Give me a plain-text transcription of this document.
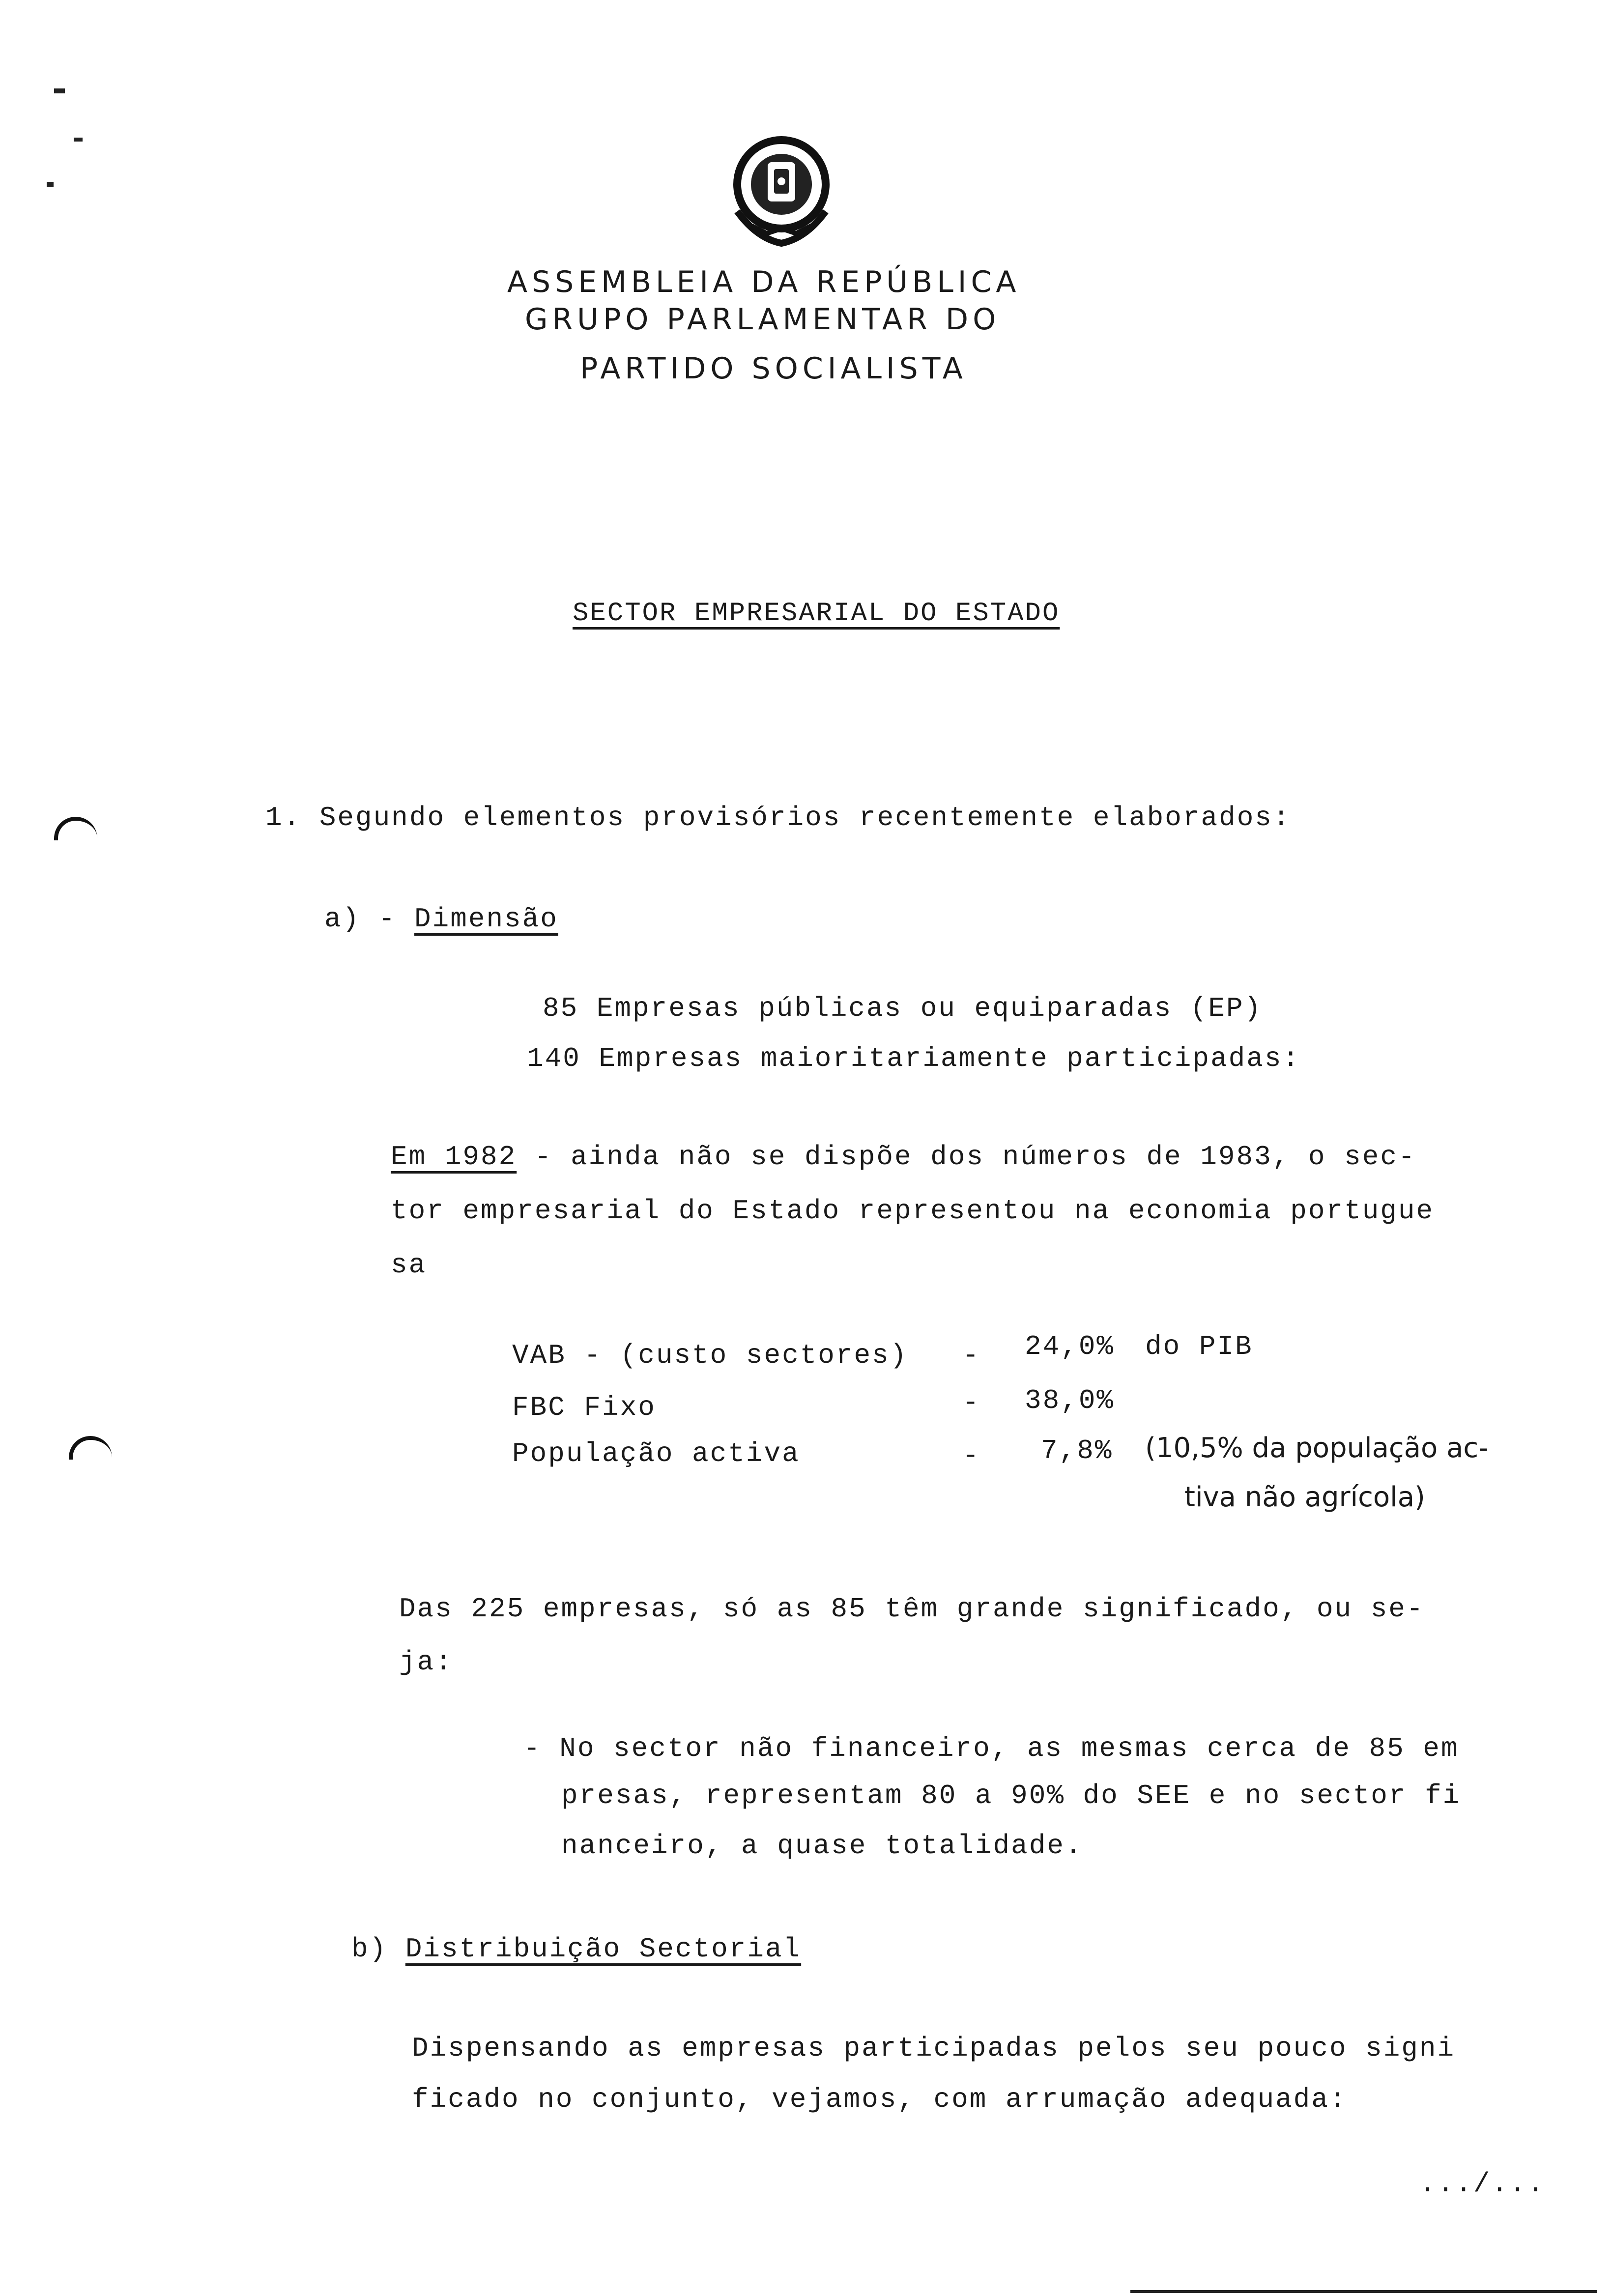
ASSEMBLEIA DA REPÚBLICA
GRUPO PARLAMENTAR DO
PARTIDO SOCIALISTA
SECTOR EMPRESARIAL DO ESTADO
1. Segundo elementos provisórios recentemente elaborados:
a) - Dimensão
85 Empresas públicas ou equiparadas (EP)
140 Empresas maioritariamente participadas:
Em 1982 - ainda não se dispõe dos números de 1983, o sec-
tor empresarial do Estado representou na economia portugue
sa
VAB - (custo sectores) - 24,0% do PIB
FBC Fixo	- 38,0%
População activa	- 7,8% (10,5% da população ac-
tiva não agrícola)
Das 225 empresas, só as 85 têm grande significado, ou se-
ja:
- No sector não financeiro, as mesmas cerca de 85 em
presas, representam 80 a 90% do SEE e no sector fi
nanceiro, a quase totalidade.
b) Distribuição Sectorial
Dispensando as empresas participadas pelos seu pouco signi
ficado no conjunto, vejamos, com arrumação adequada:
.../...
